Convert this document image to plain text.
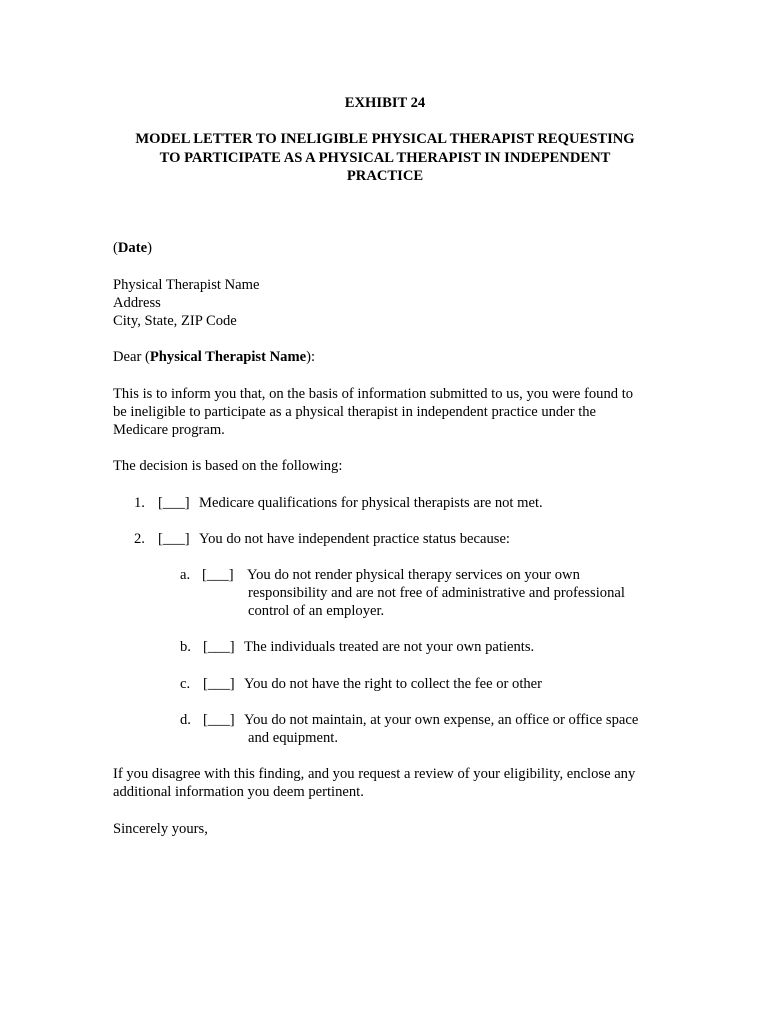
EXHIBIT 24
MODEL LETTER TO INELIGIBLE PHYSICAL THERAPIST REQUESTING
TO PARTICIPATE AS A PHYSICAL THERAPIST IN INDEPENDENT
PRACTICE
(Date)
Physical Therapist Name
Address
City, State, ZIP Code
Dear (Physical Therapist Name):
This is to inform you that, on the basis of information submitted to us, you were found to
be ineligible to participate as a physical therapist in independent practice under the
Medicare program.
The decision is based on the following:
1. [___] Medicare qualifications for physical therapists are not met.
2. [___] You do not have independent practice status because:
a. [___] You do not render physical therapy services on your own
responsibility and are not free of administrative and professional
control of an employer.
b. [___] The individuals treated are not your own patients.
c. [___] You do not have the right to collect the fee or other
d. [___] You do not maintain, at your own expense, an office or office space
and equipment.
If you disagree with this finding, and you request a review of your eligibility, enclose any
additional information you deem pertinent.
Sincerely yours,
